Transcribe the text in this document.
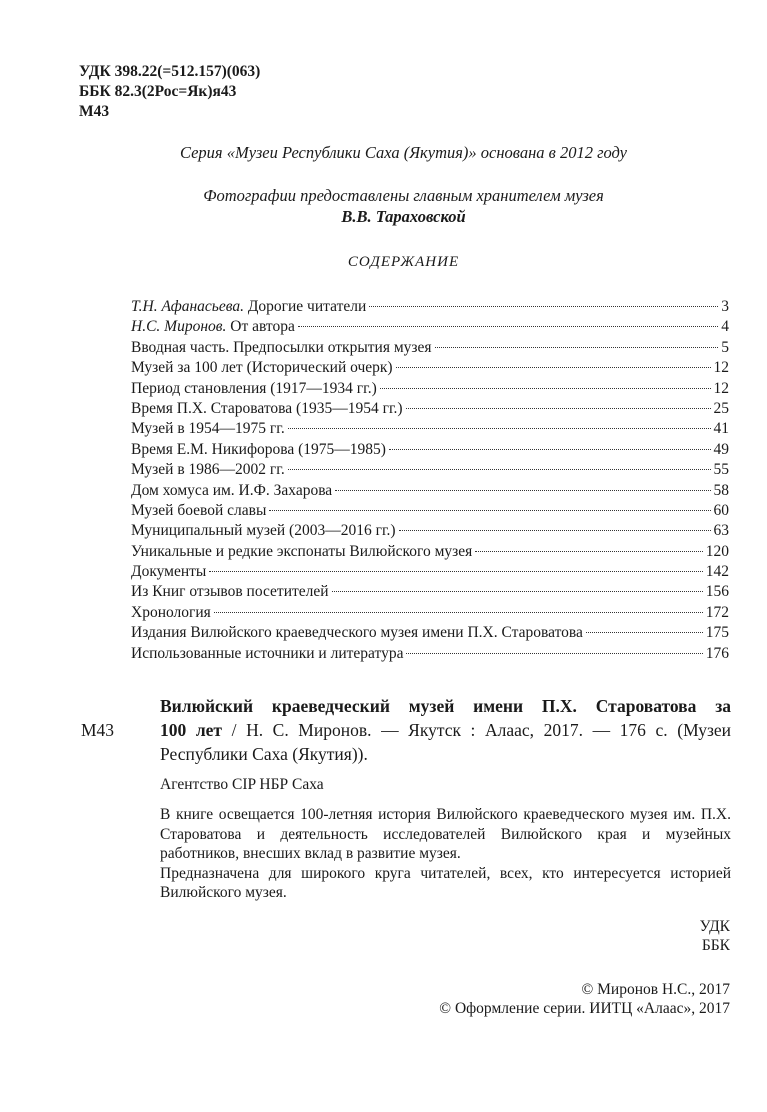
УДК 398.22(=512.157)(063)
ББК 82.3(2Рос=Як)я43
М43
Серия «Музеи Республики Саха (Якутия)» основана в 2012 году
Фотографии предоставлены главным хранителем музея
В.В. Тараховской
СОДЕРЖАНИЕ
Т.Н. Афанасьева. Дорогие читатели	3
Н.С. Миронов. От автора	4
Вводная часть. Предпосылки открытия музея	5
Музей за 100 лет (Исторический очерк)	12
Период становления (1917—1934 гг.)	12
Время П.Х. Староватова (1935—1954 гг.)	25
Музей в 1954—1975 гг.	41
Время Е.М. Никифорова (1975—1985)	49
Музей в 1986—2002 гг.	55
Дом хомуса им. И.Ф. Захарова	58
Музей боевой славы	60
Муниципальный музей (2003—2016 гг.)	63
Уникальные и редкие экспонаты Вилюйского музея	120
Документы	142
Из Книг отзывов посетителей	156
Хронология	172
Издания Вилюйского краеведческого музея имени П.Х. Староватова	175
Использованные источники и литература	176
М43
Вилюйский краеведческий музей имени П.Х. Староватова за
100 лет / Н. С. Миронов. — Якутск : Алаас, 2017. — 176 с. (Музеи Республики Саха (Якутия)).
Агентство CIP НБР Саха

В книге освещается 100-летняя история Вилюйского краеведческого музея им. П.Х. Староватова и деятельность исследователей Вилюйского края и музейных работников, внесших вклад в развитие музея.

Предназначена для широкого круга читателей, всех, кто интересуется историей Вилюйского музея.

УДК
ББК
© Миронов Н.С., 2017
© Оформление серии. ИИТЦ «Алаас», 2017
